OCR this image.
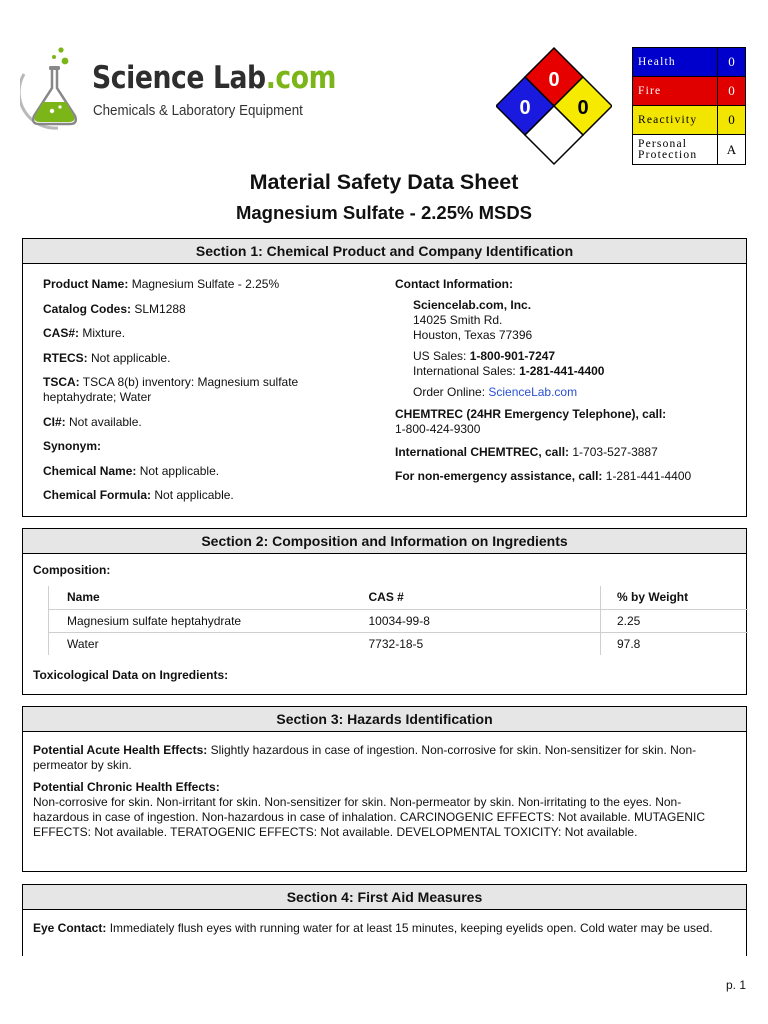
Science Lab.com
Chemicals & Laboratory Equipment
0
0 0
Health	0
Fire	0
Reactivity	0
Personal Protection	A
Material Safety Data Sheet
Magnesium Sulfate - 2.25% MSDS
Section 1: Chemical Product and Company Identification
Product Name: Magnesium Sulfate - 2.25%
Catalog Codes: SLM1288
CAS#: Mixture.
RTECS: Not applicable.
TSCA: TSCA 8(b) inventory: Magnesium sulfate heptahydrate; Water
CI#: Not available.
Synonym:
Chemical Name: Not applicable.
Chemical Formula: Not applicable.
Contact Information:
Sciencelab.com, Inc.
14025 Smith Rd.
Houston, Texas 77396
US Sales: 1-800-901-7247
International Sales: 1-281-441-4400
Order Online: ScienceLab.com
CHEMTREC (24HR Emergency Telephone), call:
1-800-424-9300
International CHEMTREC, call: 1-703-527-3887
For non-emergency assistance, call: 1-281-441-4400
Section 2: Composition and Information on Ingredients
Composition:
Name	CAS #	% by Weight
Magnesium sulfate heptahydrate	10034-99-8	2.25
Water	7732-18-5	97.8
Toxicological Data on Ingredients:
Section 3: Hazards Identification
Potential Acute Health Effects: Slightly hazardous in case of ingestion. Non-corrosive for skin. Non-sensitizer for skin. Non-permeator by skin.
Potential Chronic Health Effects:
Non-corrosive for skin. Non-irritant for skin. Non-sensitizer for skin. Non-permeator by skin. Non-irritating to the eyes. Non-hazardous in case of ingestion. Non-hazardous in case of inhalation. CARCINOGENIC EFFECTS: Not available. MUTAGENIC EFFECTS: Not available. TERATOGENIC EFFECTS: Not available. DEVELOPMENTAL TOXICITY: Not available.
Section 4: First Aid Measures
Eye Contact: Immediately flush eyes with running water for at least 15 minutes, keeping eyelids open. Cold water may be used.
p. 1
